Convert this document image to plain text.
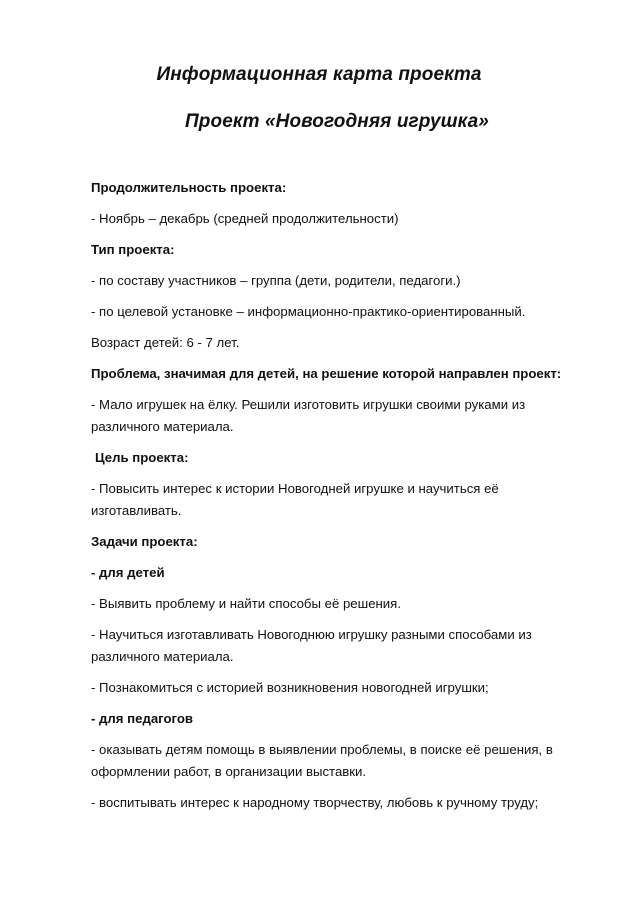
Информационная карта проекта
Проект «Новогодняя игрушка»

Продолжительность проекта:

- Ноябрь – декабрь (средней продолжительности)

Тип проекта:

- по составу участников – группа (дети, родители, педагоги.)

- по целевой установке – информационно-практико-ориентированный.

Возраст детей: 6 - 7 лет.

Проблема, значимая для детей, на решение которой направлен проект:

- Мало игрушек на ёлку. Решили изготовить игрушки своими руками из различного материала.

Цель проекта:

- Повысить интерес к истории Новогодней игрушке и научиться её изготавливать.

Задачи проекта:

- для детей

- Выявить проблему и найти способы её решения.

- Научиться изготавливать Новогоднюю игрушку разными способами из различного материала.

- Познакомиться с историей возникновения новогодней игрушки;

- для педагогов

- оказывать детям помощь в выявлении проблемы, в поиске её решения, в оформлении работ, в организации выставки.

- воспитывать интерес к народному творчеству, любовь к ручному труду;
